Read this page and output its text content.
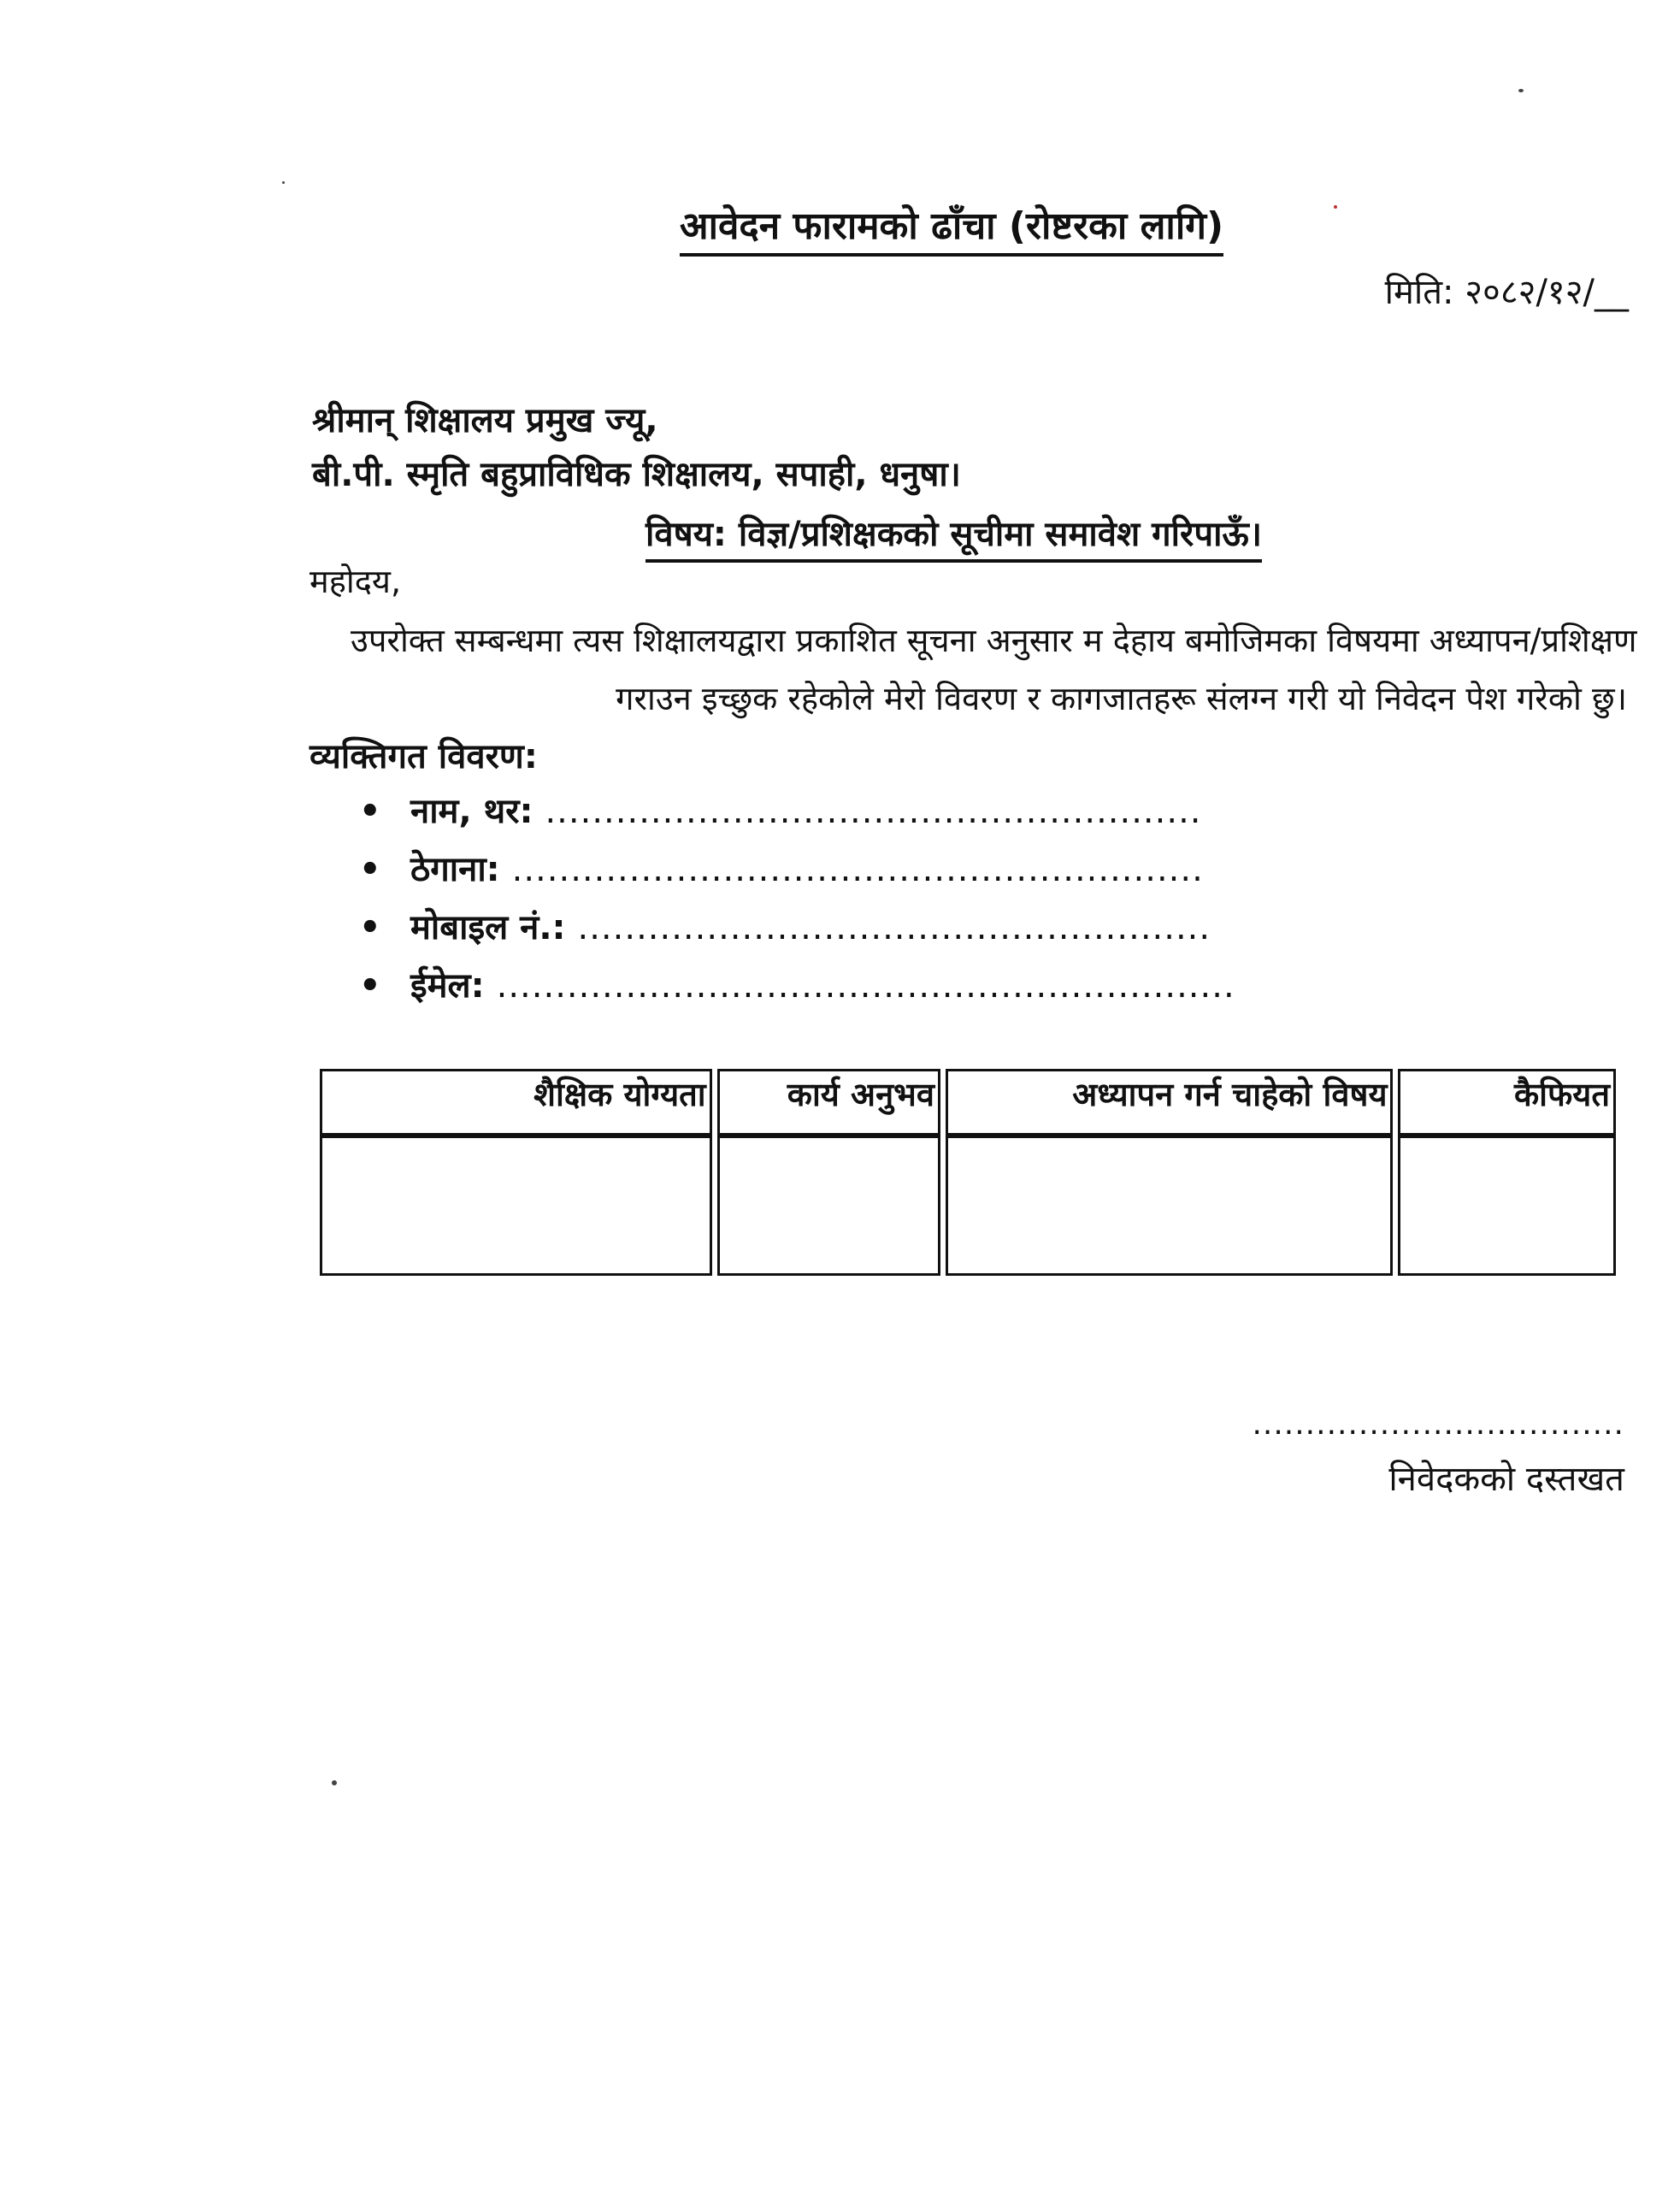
आवेदन फारामको ढाँचा (रोष्टरका लागि)
मिति: २०८२/१२/__
श्रीमान् शिक्षालय प्रमुख ज्यू,
बी.पी. स्मृति बहुप्राविधिक शिक्षालय, सपाही, धनुषा।
विषय: विज्ञ/प्रशिक्षकको सूचीमा समावेश गरिपाऊँ।
महोदय,
उपरोक्त सम्बन्धमा त्यस शिक्षालयद्वारा प्रकाशित सूचना अनुसार म देहाय बमोजिमका विषयमा अध्यापन/प्रशिक्षण
गराउन इच्छुक रहेकोले मेरो विवरण र कागजातहरू संलग्न गरी यो निवेदन पेश गरेको छु।
व्यक्तिगत विवरण:
• नाम, थर: ........................................................
• ठेगाना: ...........................................................
• मोबाइल नं.: ......................................................
• ईमेल: ...............................................................
शैक्षिक योग्यता	कार्य अनुभव	अध्यापन गर्न चाहेको विषय	कैफियत

...................................
निवेदकको दस्तखत
